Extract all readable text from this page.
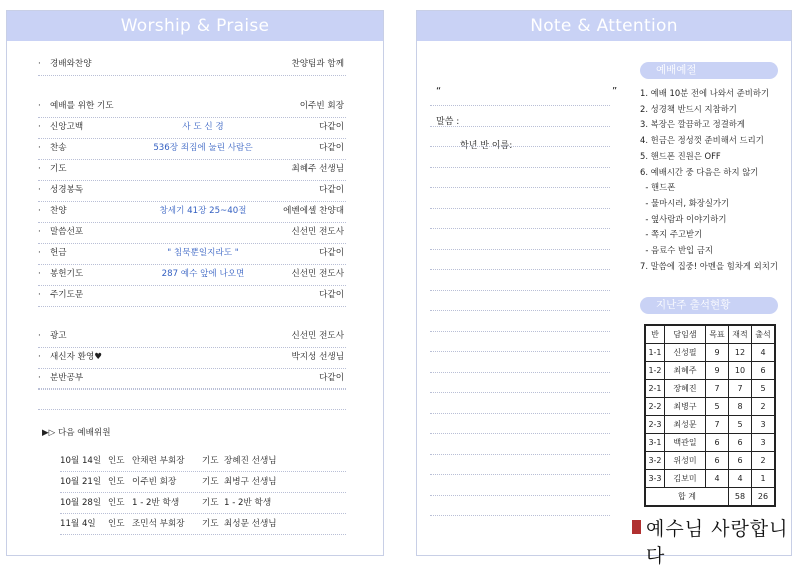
Worship & Praise
· 경배와찬양	찬양팀과 함께
· 예배를 위한 기도	이주빈 회장
· 신앙고백	사 도 신 경	다같이
· 찬송	536장 죄짐에 눌린 사람은	다같이
· 기도	최혜주 선생님
· 성경봉독	다같이
· 찬양	창세기 41장 25~40절	에벤에셀 찬양대
· 말씀선포	신선민 전도사
· 헌금	" 침묵뿐일지라도 "	다같이
· 봉헌기도	287 예수 앞에 나오면	신선민 전도사
· 주기도문	다같이
· 광고	신선민 전도사
· 새신자 환영♥	박지성 선생님
· 분반공부	다같이
▶▷ 다음 예배위원
10월 14일 인도 안채련 부회장 기도 장혜진 선생님
10월 21일 인도 이주빈 회장	기도 최병구 선생님
10월 28일 인도 1 - 2반 학생	기도 1 - 2반 학생
11월 4일 인도 조민석 부회장 기도 최성문 선생님
Note & Attention
“	”
말씀 :
학년 반 이름:
예배예절
1. 예배 10분 전에 나와서 준비하기
2. 성경책 반드시 지참하기
3. 복장은 깔끔하고 정결하게
4. 헌금은 정성껏 준비해서 드리기
5. 핸드폰 진원은 OFF
6. 예배시간 중 다음은 하지 않기
- 핸드폰
- 물마시러, 화장실가기
- 옆사람과 이야기하기
- 쪽지 주고받기
- 음료수 반입 금지
7. 말씀에 집중! 아멘을 힘차게 외치기
지난주 출석현황
반	담임샘	목표	재적	출석
1-1	신성필	9	12	4
1-2	최혜주	9	10	6
2-1	장혜진	7	7	5
2-2	최병구	5	8	2
2-3	최성문	7	5	3
3-1	백관일	6	6	3
3-2	위성미	6	6	2
3-3	김보미	4	4	1
합 계			58	26
예수님 사랑합니다
